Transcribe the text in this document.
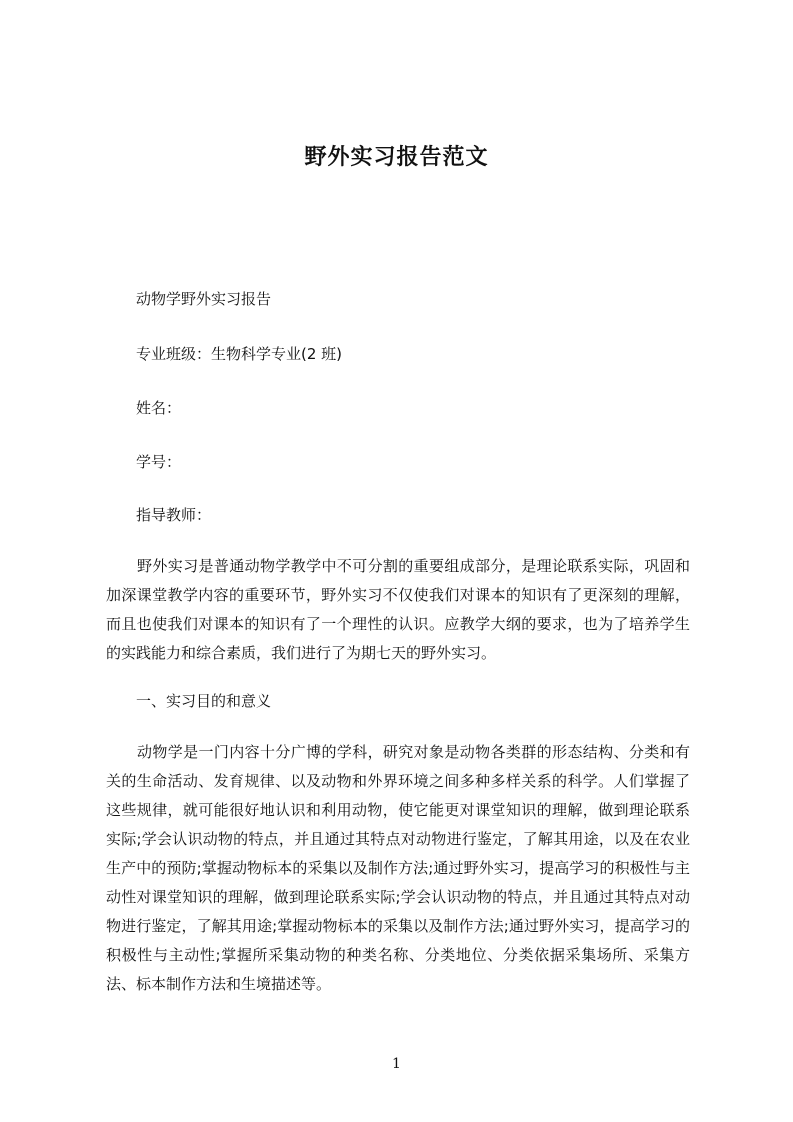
野外实习报告范文
动物学野外实习报告
专业班级：生物科学专业(2 班)
姓名：
学号：
指导教师：
野外实习是普通动物学教学中不可分割的重要组成部分，是理论联系实际，巩固和加深课堂教学内容的重要环节，野外实习不仅使我们对课本的知识有了更深刻的理解，而且也使我们对课本的知识有了一个理性的认识。应教学大纲的要求，也为了培养学生的实践能力和综合素质，我们进行了为期七天的野外实习。
一、实习目的和意义
动物学是一门内容十分广博的学科，研究对象是动物各类群的形态结构、分类和有关的生命活动、发育规律、以及动物和外界环境之间多种多样关系的科学。人们掌握了这些规律，就可能很好地认识和利用动物，使它能更对课堂知识的理解，做到理论联系实际;学会认识动物的特点，并且通过其特点对动物进行鉴定，了解其用途，以及在农业生产中的预防;掌握动物标本的采集以及制作方法;通过野外实习，提高学习的积极性与主动性对课堂知识的理解，做到理论联系实际;学会认识动物的特点，并且通过其特点对动物进行鉴定，了解其用途;掌握动物标本的采集以及制作方法;通过野外实习，提高学习的积极性与主动性;掌握所采集动物的种类名称、分类地位、分类依据采集场所、采集方法、标本制作方法和生境描述等。
1
